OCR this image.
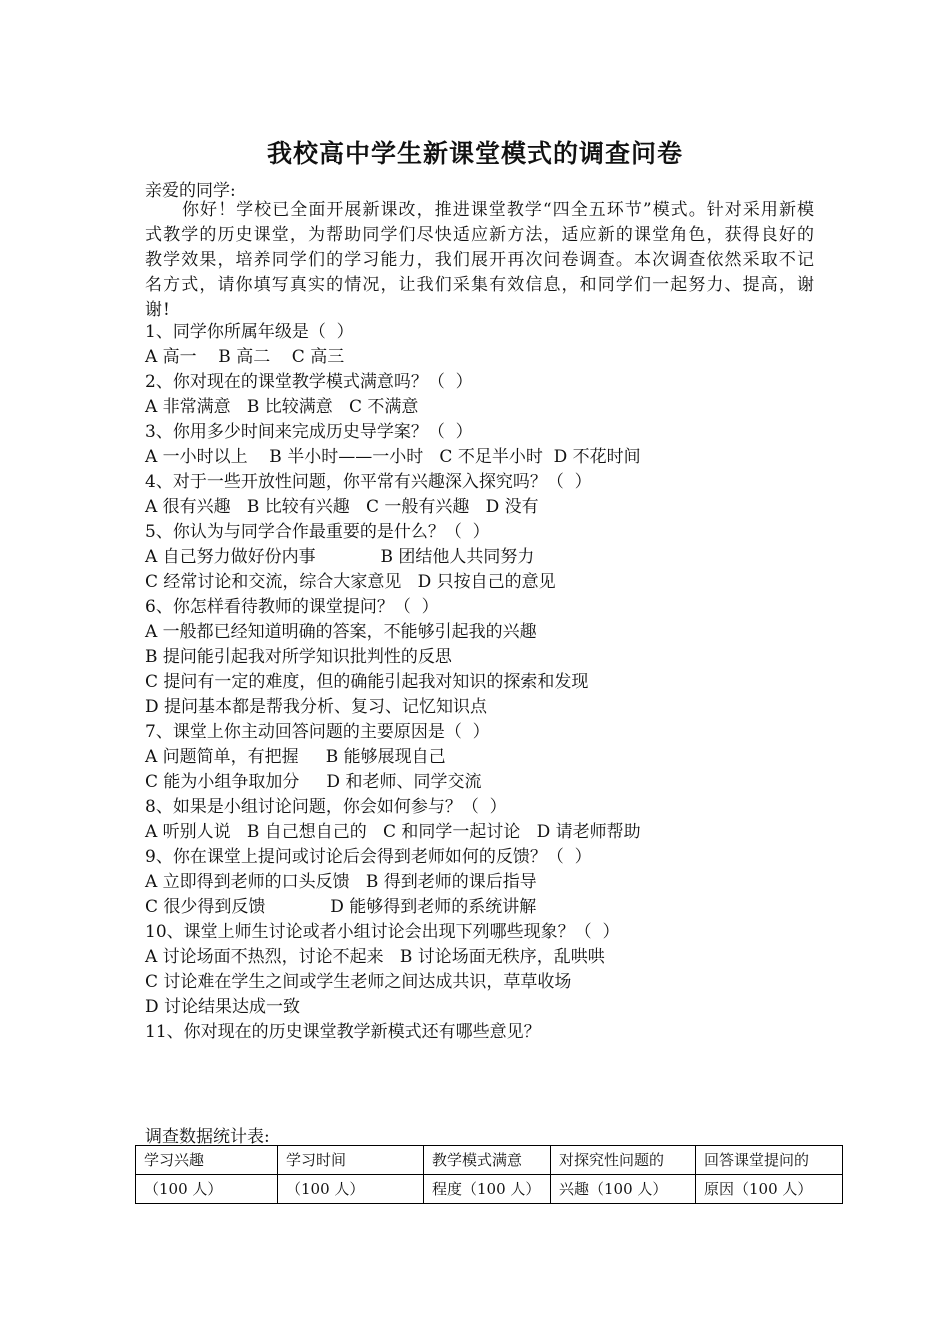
我校高中学生新课堂模式的调查问卷
亲爱的同学:
你好！学校已全面开展新课改，推进课堂教学“四全五环节”模式。针对采用新模式教学的历史课堂，为帮助同学们尽快适应新方法，适应新的课堂角色，获得良好的教学效果，培养同学们的学习能力，我们展开再次问卷调查。本次调查依然采取不记名方式，请你填写真实的情况，让我们采集有效信息，和同学们一起努力、提高，谢谢!
1、同学你所属年级是（  ）
A 高一    B 高二    C 高三
2、你对现在的课堂教学模式满意吗？（  ）
A 非常满意   B 比较满意   C 不满意
3、你用多少时间来完成历史导学案？（  ）
A 一小时以上    B 半小时——一小时   C 不足半小时  D 不花时间
4、对于一些开放性问题，你平常有兴趣深入探究吗？（  ）
A 很有兴趣   B 比较有兴趣   C 一般有兴趣   D 没有
5、你认为与同学合作最重要的是什么？（  ）
A 自己努力做好份内事            B 团结他人共同努力
C 经常讨论和交流，综合大家意见   D 只按自己的意见
6、你怎样看待教师的课堂提问？（  ）
A 一般都已经知道明确的答案，不能够引起我的兴趣
B 提问能引起我对所学知识批判性的反思
C 提问有一定的难度，但的确能引起我对知识的探索和发现
D 提问基本都是帮我分析、复习、记忆知识点
7、课堂上你主动回答问题的主要原因是（  ）
A 问题简单，有把握     B 能够展现自己
C 能为小组争取加分     D 和老师、同学交流
8、如果是小组讨论问题，你会如何参与？（  ）
A 听别人说   B 自己想自己的   C 和同学一起讨论   D 请老师帮助
9、你在课堂上提问或讨论后会得到老师如何的反馈？（  ）
A 立即得到老师的口头反馈   B 得到老师的课后指导
C 很少得到反馈            D 能够得到老师的系统讲解
10、课堂上师生讨论或者小组讨论会出现下列哪些现象？（  ）
A 讨论场面不热烈，讨论不起来   B 讨论场面无秩序，乱哄哄
C 讨论难在学生之间或学生老师之间达成共识，草草收场
D 讨论结果达成一致
11、你对现在的历史课堂教学新模式还有哪些意见？
调查数据统计表:
学习兴趣	学习时间	教学模式满意	对探究性问题的	回答课堂提问的
（100 人）	（100 人）	程度（100 人）	兴趣（100 人）	原因（100 人）
